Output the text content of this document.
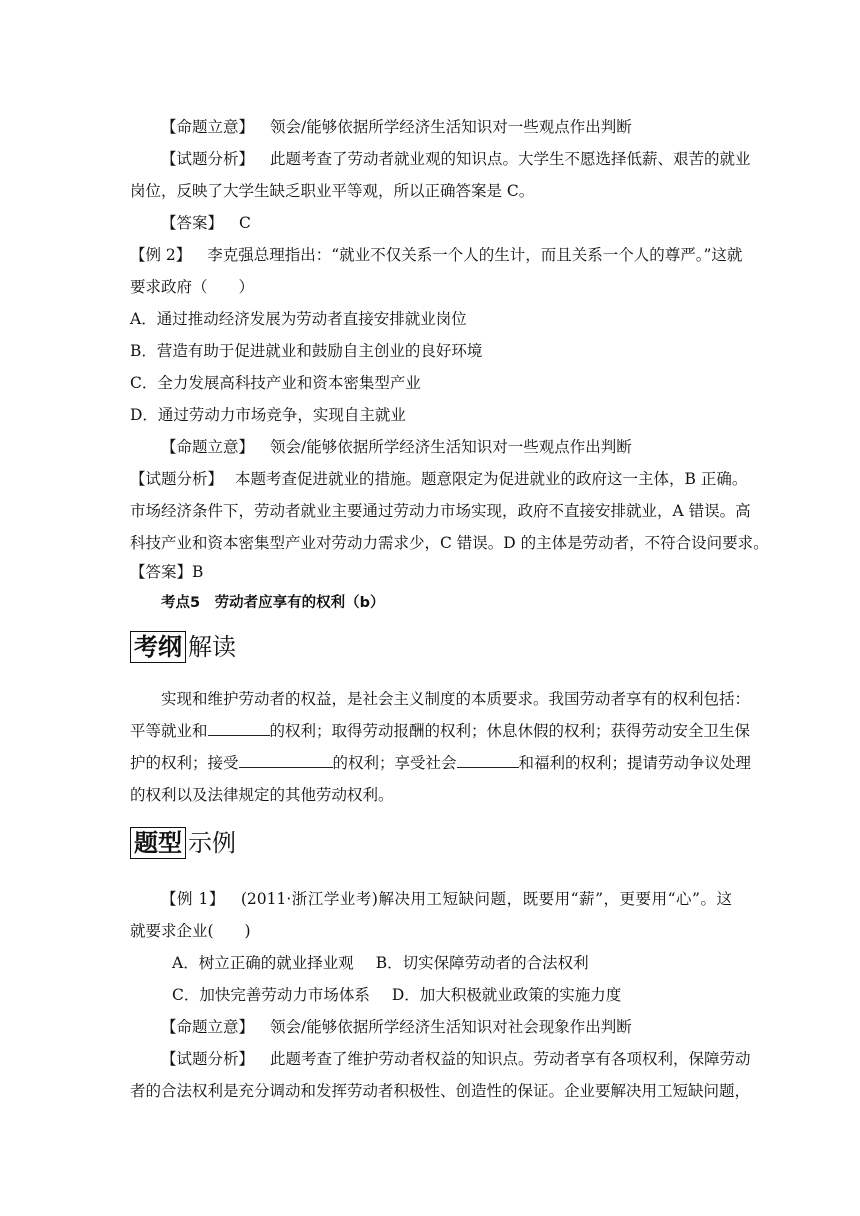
【命题立意】 领会/能够依据所学经济生活知识对一些观点作出判断
【试题分析】 此题考查了劳动者就业观的知识点。大学生不愿选择低薪、艰苦的就业
岗位，反映了大学生缺乏职业平等观，所以正确答案是 C。
【答案】 C
【例 2】 李克强总理指出：“就业不仅关系一个人的生计，而且关系一个人的尊严。”这就
要求政府（　　）
A．通过推动经济发展为劳动者直接安排就业岗位
B．营造有助于促进就业和鼓励自主创业的良好环境
C．全力发展高科技产业和资本密集型产业
D．通过劳动力市场竞争，实现自主就业
【命题立意】 领会/能够依据所学经济生活知识对一些观点作出判断
【试题分析】 本题考查促进就业的措施。题意限定为促进就业的政府这一主体，B 正确。
市场经济条件下，劳动者就业主要通过劳动力市场实现，政府不直接安排就业，A 错误。高
科技产业和资本密集型产业对劳动力需求少，C 错误。D 的主体是劳动者，不符合设问要求。
【答案】B
考点5　劳动者应享有的权利（b）
考纲 解读
实现和维护劳动者的权益，是社会主义制度的本质要求。我国劳动者享有的权利包括：
平等就业和	的权利；取得劳动报酬的权利；休息休假的权利；获得劳动安全卫生保
护的权利；接受	的权利；享受社会	和福利的权利；提请劳动争议处理
的权利以及法律规定的其他劳动权利。
题型 示例
【例 1】 (2011·浙江学业考)解决用工短缺问题，既要用“薪”，更要用“心”。这
就要求企业(　　)
A．树立正确的就业择业观 B．切实保障劳动者的合法权利
C．加快完善劳动力市场体系 D．加大积极就业政策的实施力度
【命题立意】 领会/能够依据所学经济生活知识对社会现象作出判断
【试题分析】 此题考查了维护劳动者权益的知识点。劳动者享有各项权利，保障劳动
者的合法权利是充分调动和发挥劳动者积极性、创造性的保证。企业要解决用工短缺问题，
